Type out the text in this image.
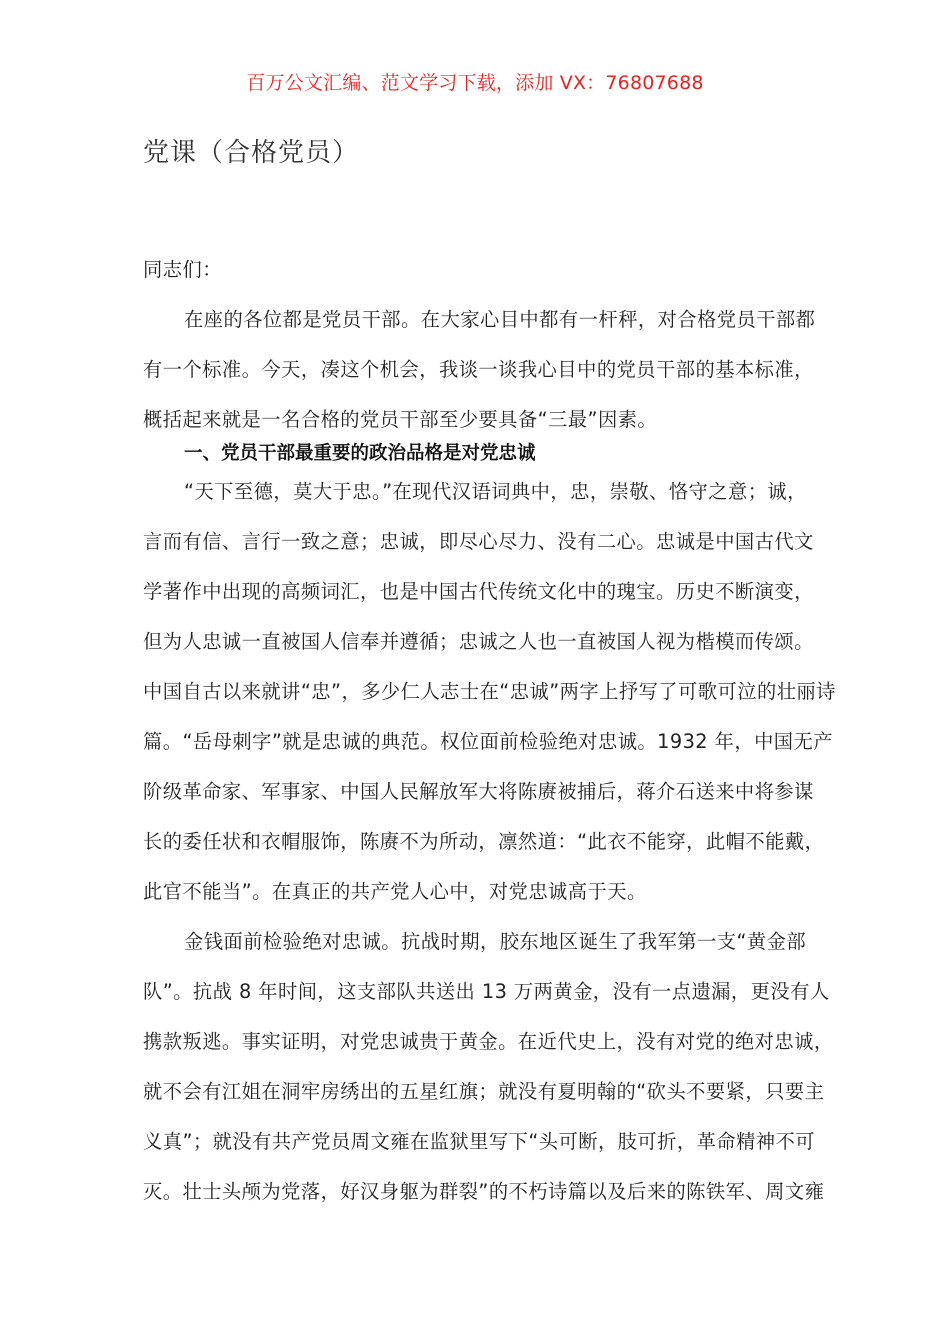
百万公文汇编、范文学习下载，添加 VX：76807688
党课（合格党员）
同志们：
在座的各位都是党员干部。在大家心目中都有一杆秤，对合格党员干部都
有一个标准。今天，凑这个机会，我谈一谈我心目中的党员干部的基本标准，
概括起来就是一名合格的党员干部至少要具备“三最”因素。
一、党员干部最重要的政治品格是对党忠诚
“天下至德，莫大于忠。”在现代汉语词典中，忠，崇敬、恪守之意；诚，
言而有信、言行一致之意；忠诚，即尽心尽力、没有二心。忠诚是中国古代文
学著作中出现的高频词汇，也是中国古代传统文化中的瑰宝。历史不断演变，
但为人忠诚一直被国人信奉并遵循；忠诚之人也一直被国人视为楷模而传颂。
中国自古以来就讲“忠”，多少仁人志士在“忠诚”两字上抒写了可歌可泣的壮丽诗
篇。“岳母刺字”就是忠诚的典范。权位面前检验绝对忠诚。1932 年，中国无产
阶级革命家、军事家、中国人民解放军大将陈赓被捕后，蒋介石送来中将参谋
长的委任状和衣帽服饰，陈赓不为所动，凛然道：“此衣不能穿，此帽不能戴，
此官不能当”。在真正的共产党人心中，对党忠诚高于天。
金钱面前检验绝对忠诚。抗战时期，胶东地区诞生了我军第一支“黄金部
队”。抗战 8 年时间，这支部队共送出 13 万两黄金，没有一点遗漏，更没有人
携款叛逃。事实证明，对党忠诚贵于黄金。在近代史上，没有对党的绝对忠诚，
就不会有江姐在洞牢房绣出的五星红旗；就没有夏明翰的“砍头不要紧，只要主
义真”；就没有共产党员周文雍在监狱里写下“头可断，肢可折，革命精神不可
灭。壮士头颅为党落，好汉身躯为群裂”的不朽诗篇以及后来的陈铁军、周文雍
